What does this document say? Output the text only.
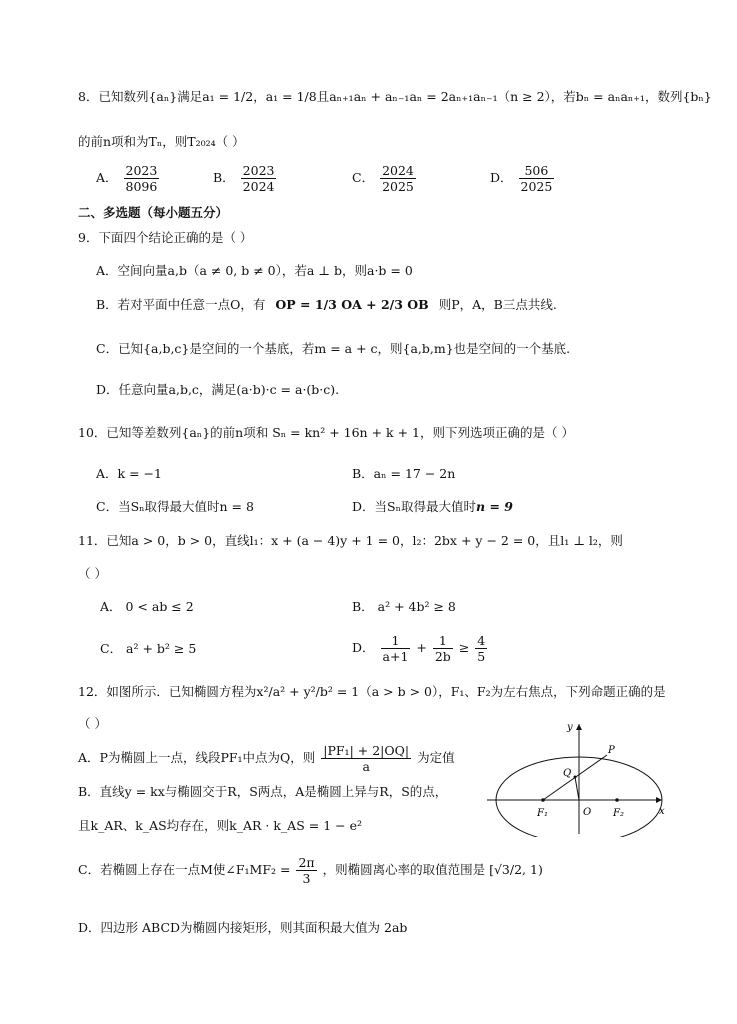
8．已知数列{aₙ}满足a₁ = 1/2，a₁ = 1/8且aₙ₊₁aₙ + aₙ₋₁aₙ = 2aₙ₊₁aₙ₋₁（n ≥ 2），若bₙ = aₙaₙ₊₁，数列{bₙ}
的前n项和为Tₙ，则T₂₀₂₄（ ）
A． $\frac{2023}{8096}$	B． $\frac{2023}{2024}$	C． $\frac{2024}{2025}$	D． $\frac{506}{2025}$
二、多选题（每小题五分）
9．下面四个结论正确的是（ ）
A．空间向量a,b（a ≠ 0, b ≠ 0），若a ⊥ b，则a·b = 0
B．若对平面中任意一点O，有 OP = 1/3 OA + 2/3 OB 则P，A，B三点共线.
C．已知{a,b,c}是空间的一个基底，若m = a + c，则{a,b,m}也是空间的一个基底.
D．任意向量a,b,c，满足(a·b)·c = a·(b·c).
10．已知等差数列{aₙ}的前n项和 Sₙ = kn² + 16n + k + 1，则下列选项正确的是（ ）
A．k = −1	B．aₙ = 17 − 2n
C．当Sₙ取得最大值时n = 8	D．当Sₙ取得最大值时n = 9
11．已知a > 0，b > 0，直线l₁：x + (a − 4)y + 1 = 0，l₂：2bx + y − 2 = 0，且l₁ ⊥ l₂，则
（ ）
A． 0 < ab ≤ 2	B． a² + 4b² ≥ 8
C． a² + b² ≥ 5	D． $\frac{1}{a+1} + \frac{1}{2b} \ge \frac{4}{5}$
12．如图所示．已知椭圆方程为x²/a² + y²/b² = 1（a > b > 0），F₁、F₂为左右焦点，下列命题正确的是
（ ）
A．P为椭圆上一点，线段PF₁中点为Q，则 $\frac{\text{|PF₁| + 2|OQ|}}{a}$ 为定值
B．直线y = kx与椭圆交于R，S两点，A是椭圆上异与R，S的点，
且k_AR、k_AS均存在，则k_AR · k_AS = 1 − e²
C．若椭圆上存在一点M使∠F₁MF₂ = $\frac{2\pi}{3}$ ，则椭圆离心率的取值范围是 [√3/2, 1)
D．四边形 ABCD为椭圆内接矩形，则其面积最大值为 2ab
y
x
P
Q
O
F₁	F₂
